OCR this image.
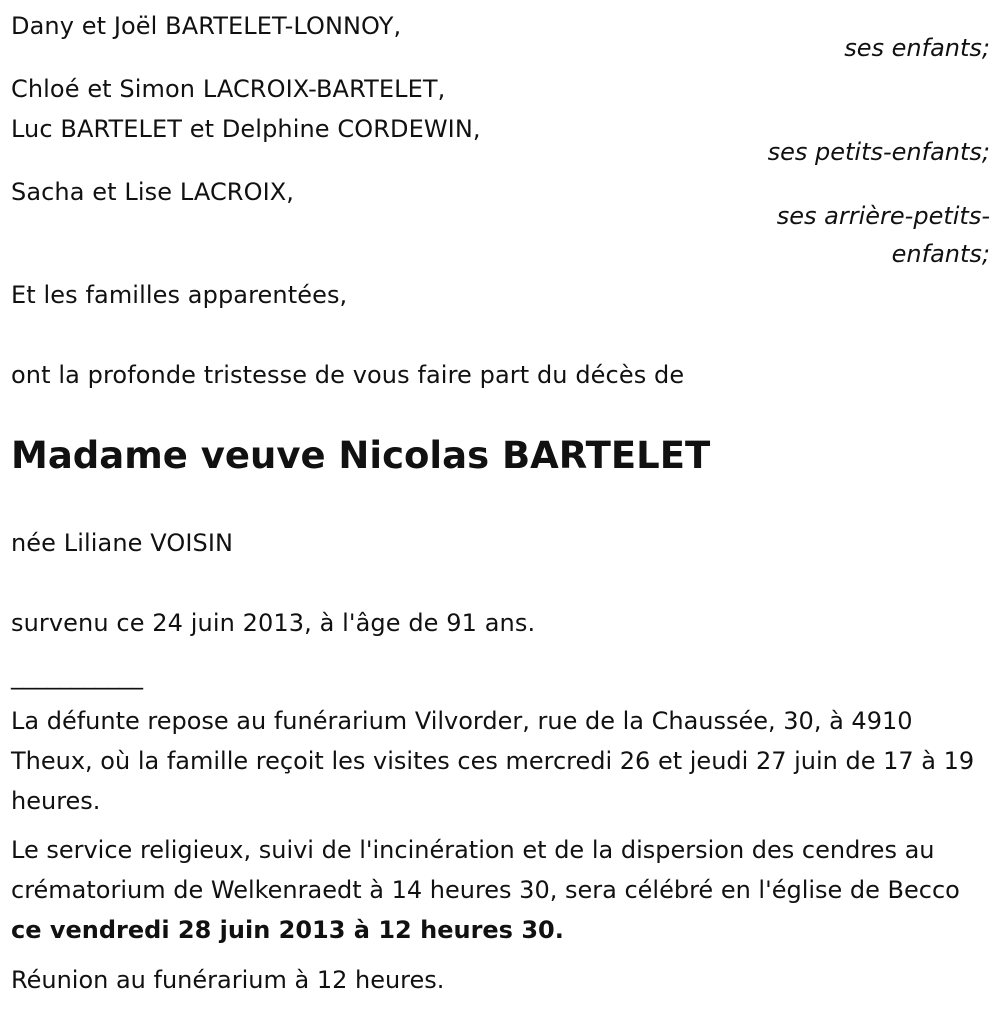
Dany et Joël BARTELET-LONNOY,
ses enfants;
Chloé et Simon LACROIX-BARTELET,
Luc BARTELET et Delphine CORDEWIN,
ses petits-enfants;
Sacha et Lise LACROIX,
ses arrière-petits-
enfants;
Et les familles apparentées,
ont la profonde tristesse de vous faire part du décès de
Madame veuve Nicolas BARTELET
née Liliane VOISIN
survenu ce 24 juin 2013, à l'âge de 91 ans.
___________
La défunte repose au funérarium Vilvorder, rue de la Chaussée, 30, à 4910 Theux, où la famille reçoit les visites ces mercredi 26 et jeudi 27 juin de 17 à 19 heures.
Le service religieux, suivi de l'incinération et de la dispersion des cendres au crématorium de Welkenraedt à 14 heures 30, sera célébré en l'église de Becco ce vendredi 28 juin 2013 à 12 heures 30.
Réunion au funérarium à 12 heures.
